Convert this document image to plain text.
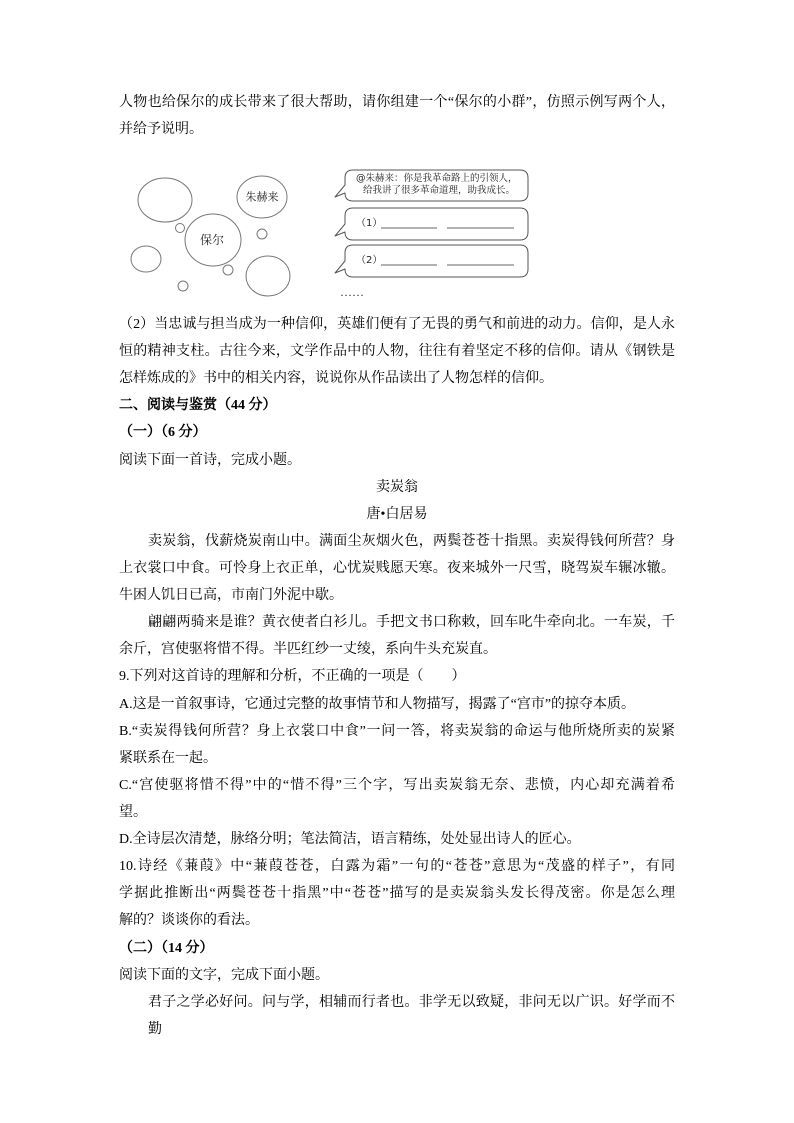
人物也给保尔的成长带来了很大帮助，请你组建一个“保尔的小群”，仿照示例写两个人，
并给予说明。
朱赫来
保尔
@朱赫来：你是我革命路上的引领人，
给我讲了很多革命道理，助我成长。
（1）
（2）
……
（2）当忠诚与担当成为一种信仰，英雄们便有了无畏的勇气和前进的动力。信仰，是人永
恒的精神支柱。古往今来，文学作品中的人物，往往有着坚定不移的信仰。请从《钢铁是
怎样炼成的》书中的相关内容，说说你从作品读出了人物怎样的信仰。
二、阅读与鉴赏（44 分）
（一）（6 分）
阅读下面一首诗，完成小题。
卖炭翁
唐•白居易
卖炭翁，伐薪烧炭南山中。满面尘灰烟火色，两鬓苍苍十指黑。卖炭得钱何所营？身
上衣裳口中食。可怜身上衣正单，心忧炭贱愿天寒。夜来城外一尺雪，晓驾炭车辗冰辙。
牛困人饥日已高，市南门外泥中歇。
翩翩两骑来是谁？黄衣使者白衫儿。手把文书口称敕，回车叱牛牵向北。一车炭，千
余斤，宫使驱将惜不得。半匹红纱一丈绫，系向牛头充炭直。
9.下列对这首诗的理解和分析，不正确的一项是（　　）
A.这是一首叙事诗，它通过完整的故事情节和人物描写，揭露了“宫市”的掠夺本质。
B.“卖炭得钱何所营？身上衣裳口中食”一问一答，将卖炭翁的命运与他所烧所卖的炭紧
紧联系在一起。
C.“宫使驱将惜不得”中的“惜不得”三个字，写出卖炭翁无奈、悲愤，内心却充满着希
望。
D.全诗层次清楚，脉络分明；笔法简洁，语言精练，处处显出诗人的匠心。
10.诗经《蒹葭》中“蒹葭苍苍，白露为霜”一句的“苍苍”意思为“茂盛的样子”，有同
学据此推断出“两鬓苍苍十指黑”中“苍苍”描写的是卖炭翁头发长得茂密。你是怎么理
解的？谈谈你的看法。
（二）（14 分）
阅读下面的文字，完成下面小题。
君子之学必好问。问与学，相辅而行者也。非学无以致疑，非问无以广识。好学而不勤
